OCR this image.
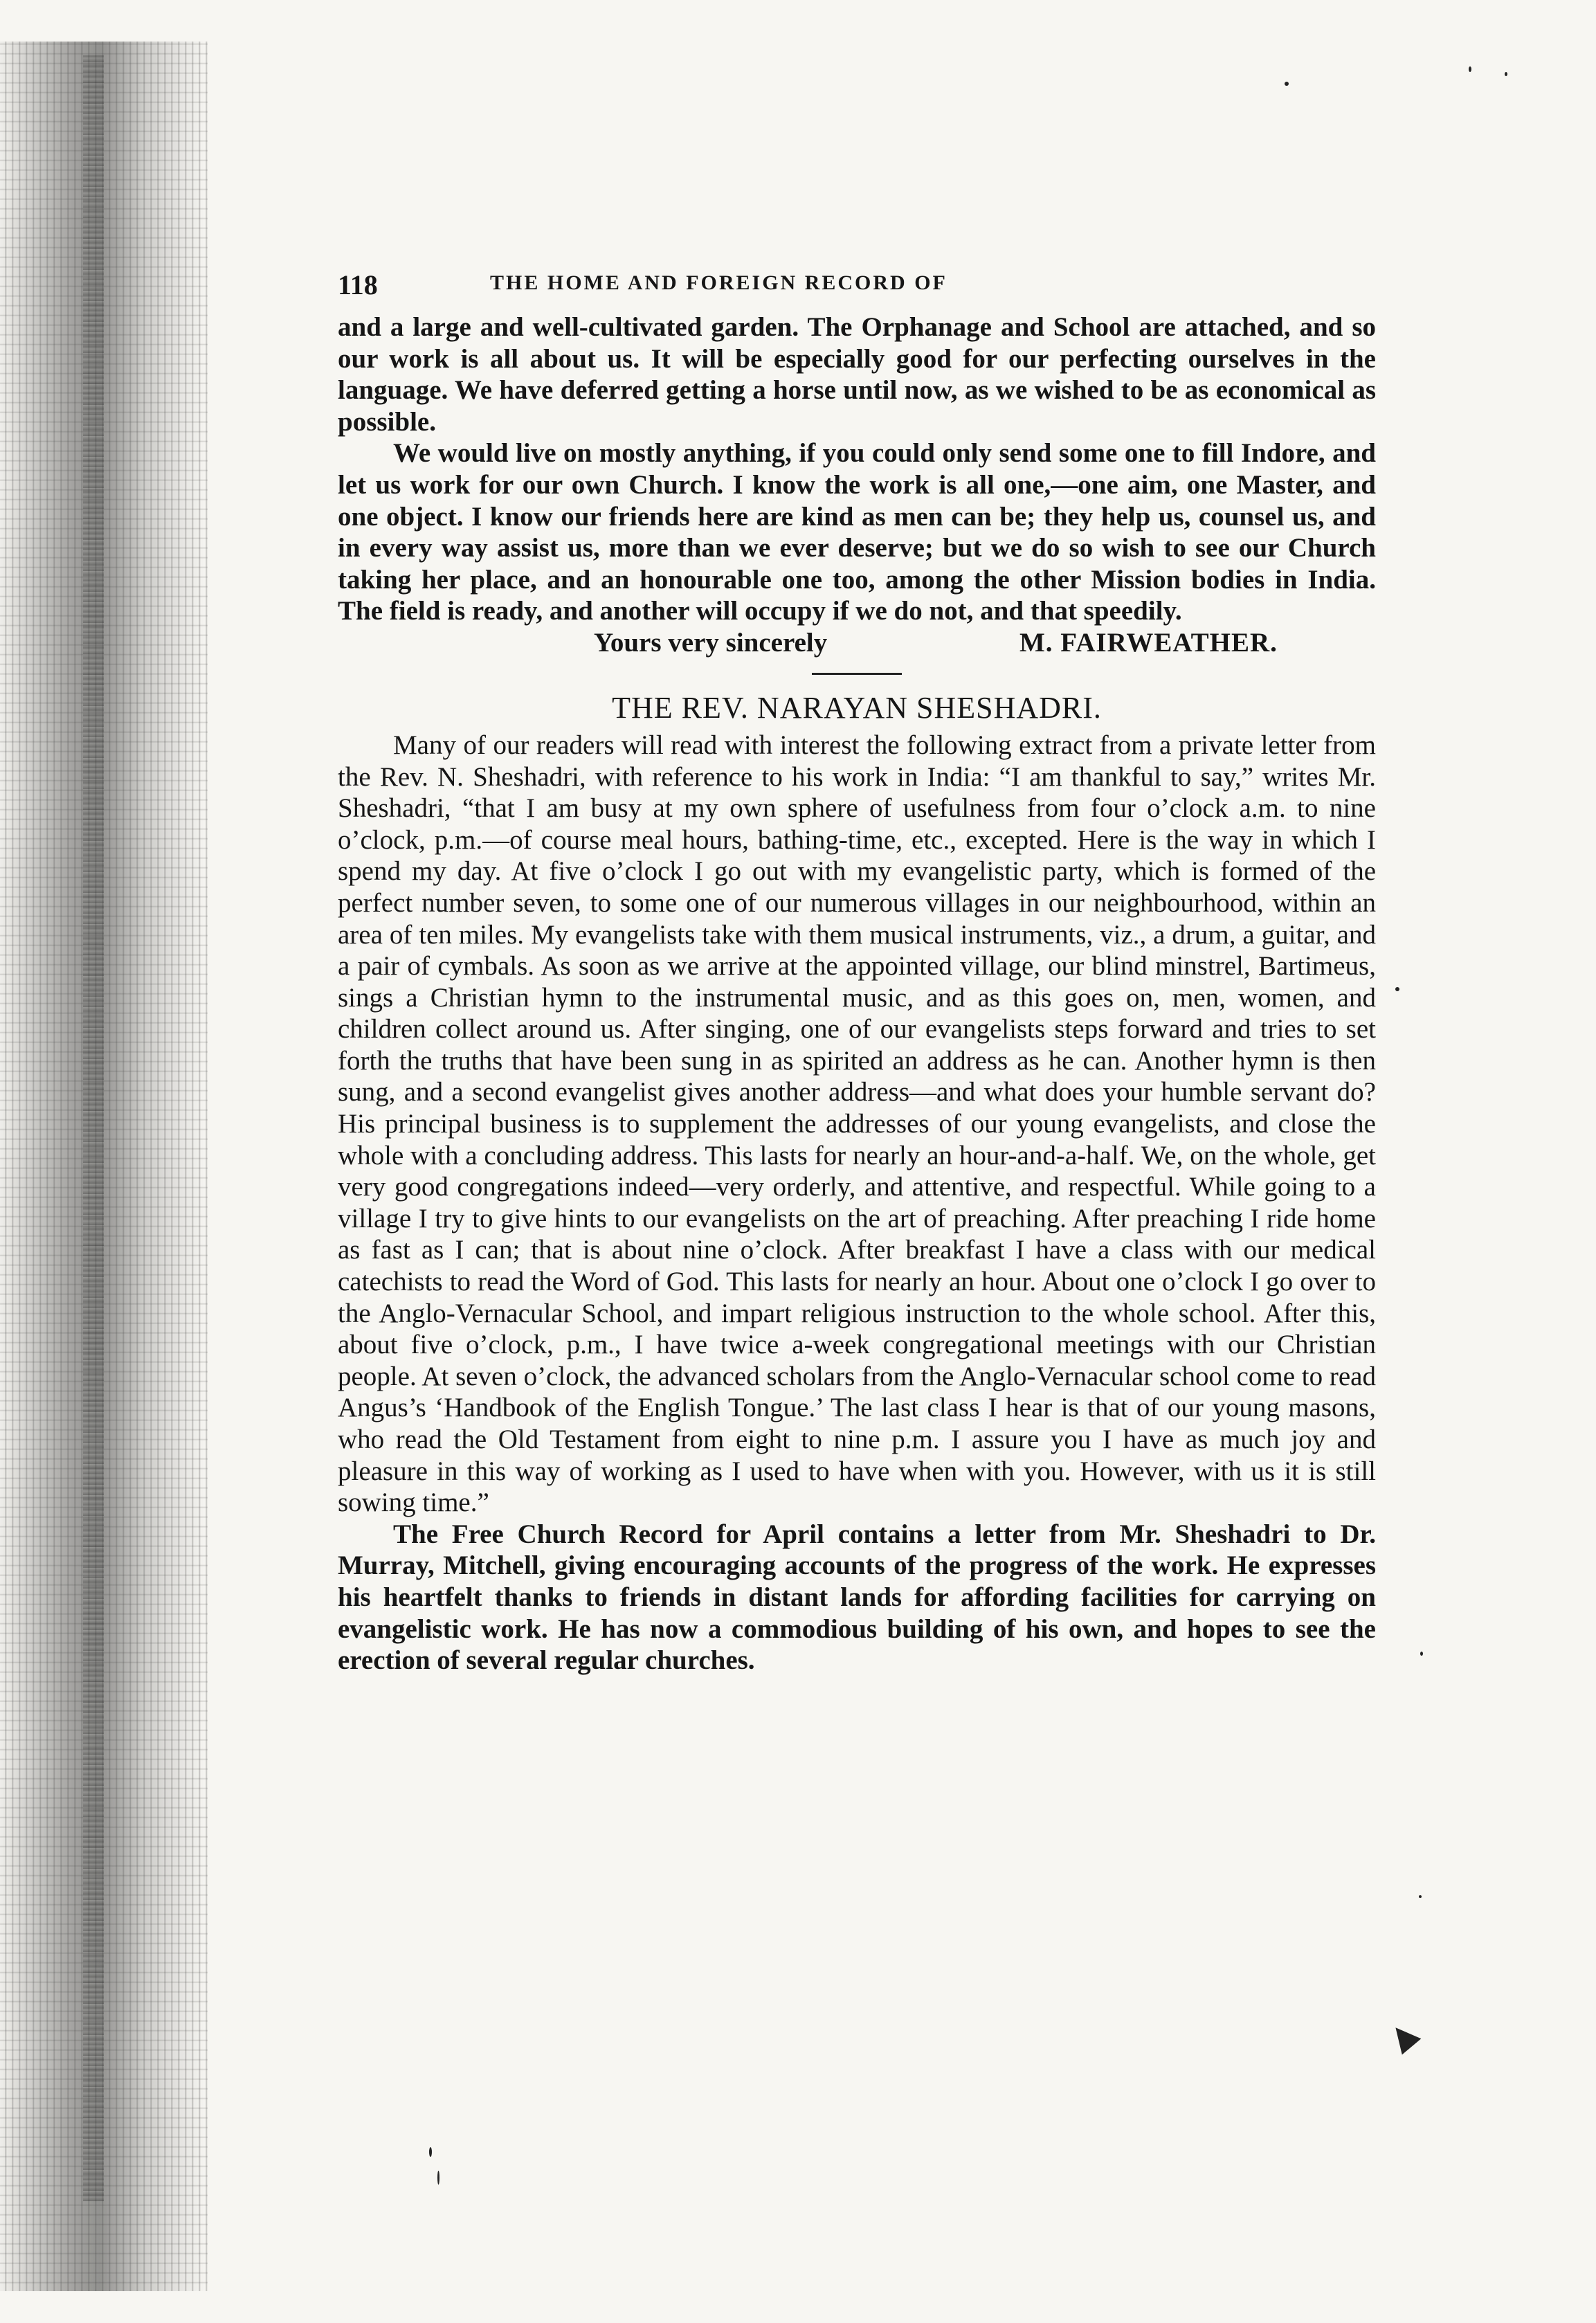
118	THE HOME AND FOREIGN RECORD OF

and a large and well-cultivated garden. The Orphanage and School are attached, and so our work is all about us. It will be especially good for our perfecting ourselves in the language. We have deferred getting a horse until now, as we wished to be as economical as possible.

We would live on mostly anything, if you could only send some one to fill Indore, and let us work for our own Church. I know the work is all one,—one aim, one Master, and one object. I know our friends here are kind as men can be; they help us, counsel us, and in every way assist us, more than we ever deserve; but we do so wish to see our Church taking her place, and an honourable one too, among the other Mission bodies in India. The field is ready, and another will occupy if we do not, and that speedily.

Yours very sincerely	M. FAIRWEATHER.
THE REV. NARAYAN SHESHADRI.

Many of our readers will read with interest the following extract from a private letter from the Rev. N. Sheshadri, with reference to his work in India: “I am thankful to say,” writes Mr. Sheshadri, “that I am busy at my own sphere of usefulness from four o’clock a.m. to nine o’clock, p.m.—of course meal hours, bathing-time, etc., excepted. Here is the way in which I spend my day. At five o’clock I go out with my evangelistic party, which is formed of the perfect number seven, to some one of our numerous villages in our neighbourhood, within an area of ten miles. My evangelists take with them musical instruments, viz., a drum, a guitar, and a pair of cymbals. As soon as we arrive at the appointed village, our blind minstrel, Bartimeus, sings a Christian hymn to the instrumental music, and as this goes on, men, women, and children collect around us. After singing, one of our evangelists steps forward and tries to set forth the truths that have been sung in as spirited an address as he can. Another hymn is then sung, and a second evangelist gives another address—and what does your humble servant do? His principal business is to supplement the addresses of our young evangelists, and close the whole with a concluding address. This lasts for nearly an hour-and-a-half. We, on the whole, get very good congregations indeed—very orderly, and attentive, and respectful. While going to a village I try to give hints to our evangelists on the art of preaching. After preaching I ride home as fast as I can; that is about nine o’clock. After breakfast I have a class with our medical catechists to read the Word of God. This lasts for nearly an hour. About one o’clock I go over to the Anglo-Vernacular School, and impart religious instruction to the whole school. After this, about five o’clock, p.m., I have twice a-week congregational meetings with our Christian people. At seven o’clock, the advanced scholars from the Anglo-Vernacular school come to read Angus’s ‘Handbook of the English Tongue.’ The last class I hear is that of our young masons, who read the Old Testament from eight to nine p.m. I assure you I have as much joy and pleasure in this way of working as I used to have when with you. However, with us it is still sowing time.”

The Free Church Record for April contains a letter from Mr. Sheshadri to Dr. Murray, Mitchell, giving encouraging accounts of the progress of the work. He expresses his heartfelt thanks to friends in distant lands for affording facilities for carrying on evangelistic work. He has now a commodious building of his own, and hopes to see the erection of several regular churches.
